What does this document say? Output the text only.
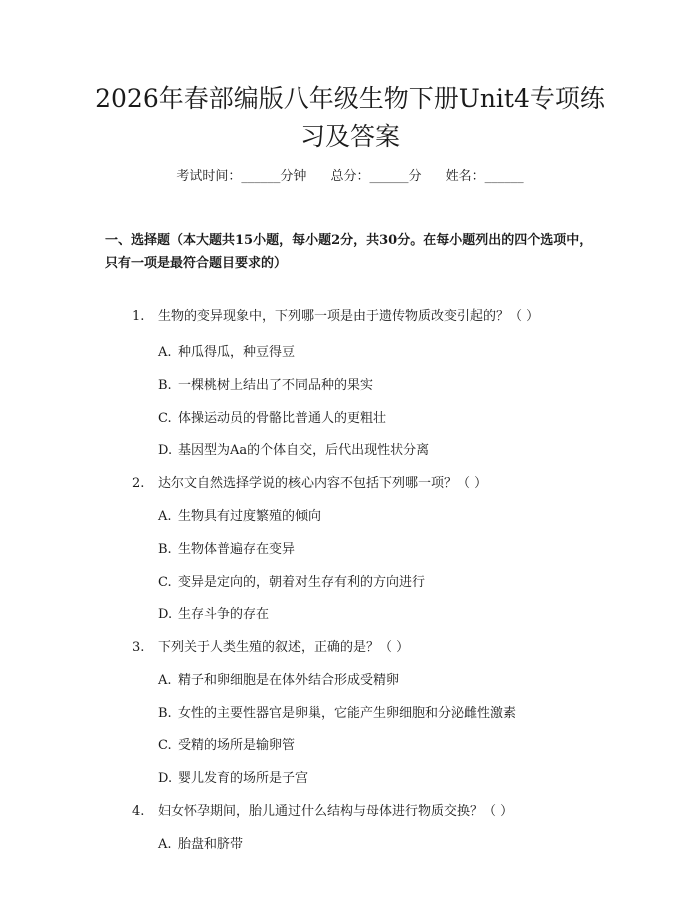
2026年春部编版八年级生物下册Unit4专项练习及答案
考试时间：______分钟 总分：______分 姓名：______

一、选择题（本大题共15小题，每小题2分，共30分。在每小题列出的四个选项中，只有一项是最符合题目要求的）

1. 生物的变异现象中，下列哪一项是由于遗传物质改变引起的？（ ）
A. 种瓜得瓜，种豆得豆
B. 一棵桃树上结出了不同品种的果实
C. 体操运动员的骨骼比普通人的更粗壮
D. 基因型为Aa的个体自交，后代出现性状分离
2. 达尔文自然选择学说的核心内容不包括下列哪一项？（ ）
A. 生物具有过度繁殖的倾向
B. 生物体普遍存在变异
C. 变异是定向的，朝着对生存有利的方向进行
D. 生存斗争的存在
3. 下列关于人类生殖的叙述，正确的是？（ ）
A. 精子和卵细胞是在体外结合形成受精卵
B. 女性的主要性器官是卵巢，它能产生卵细胞和分泌雌性激素
C. 受精的场所是输卵管
D. 婴儿发育的场所是子宫
4. 妇女怀孕期间，胎儿通过什么结构与母体进行物质交换？（ ）
A. 胎盘和脐带
